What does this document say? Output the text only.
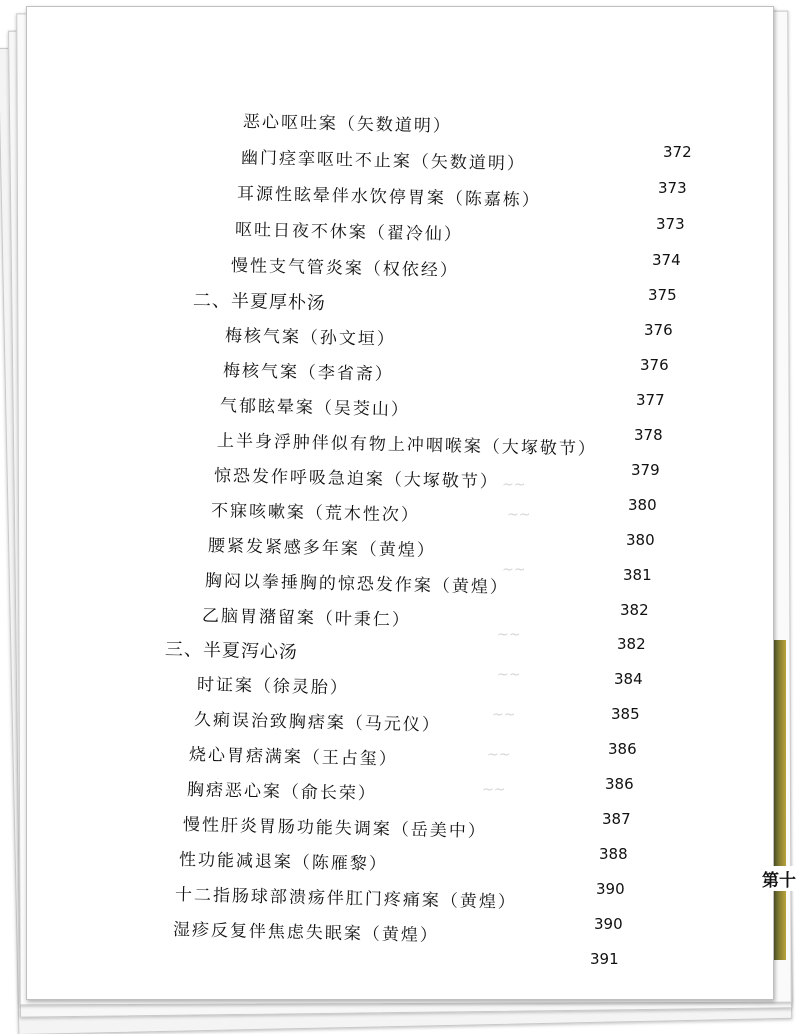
~~
~~
~~
~~
~~
~~
~~
~~
恶心呕吐案（矢数道明）
幽门痉挛呕吐不止案（矢数道明）	372
耳源性眩晕伴水饮停胃案（陈嘉栋）	373
呕吐日夜不休案（翟冷仙）	373
慢性支气管炎案（权依经）	374
二、半夏厚朴汤	375
梅核气案（孙文垣）	376
梅核气案（李省斋）	376
气郁眩晕案（吴茭山）	377
上半身浮肿伴似有物上冲咽喉案（大塚敬节） 378
惊恐发作呼吸急迫案（大塚敬节）	379
不寐咳嗽案（荒木性次）	380
腰紧发紧感多年案（黄煌）	380
胸闷以拳捶胸的惊恐发作案（黄煌）	381
乙脑胃潴留案（叶秉仁）	382
三、半夏泻心汤	382
时证案（徐灵胎）	384
久痢误治致胸痞案（马元仪）	385
烧心胃痞满案（王占玺）	386
胸痞恶心案（俞长荣）	386
慢性肝炎胃肠功能失调案（岳美中）	387
性功能减退案（陈雁黎）	388
十二指肠球部溃疡伴肛门疼痛案（黄煌）	390
湿疹反复伴焦虑失眠案（黄煌）	390
391
第十
